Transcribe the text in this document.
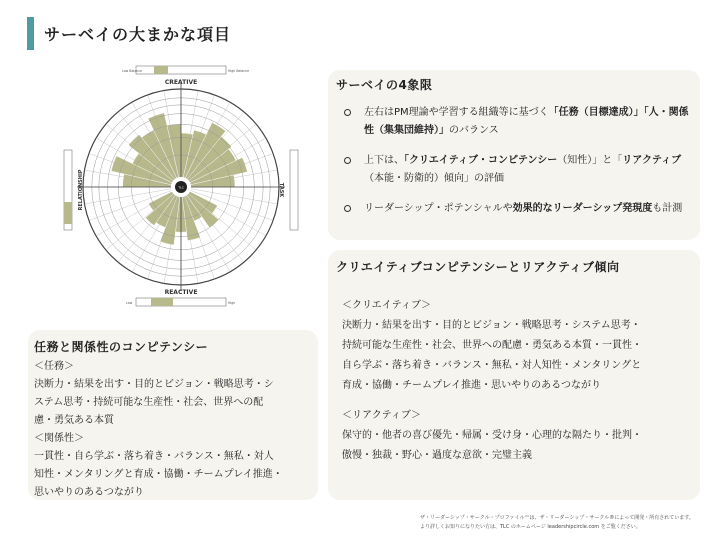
サーベイの大まかな項目
Low Balance	High Balance
Low	High
TLC
CREATIVE
REACTIVE
RELATIONSHIP	TASK
サーベイの4象限
左右はPM理論や学習する組織等に基づく「任務（目標達成）」「人・関係性（集集団維持）」のバランス
上下は、「クリエイティブ・コンピテンシー（知性）」と「リアクティブ（本能・防衛的）傾向」の評価
リーダーシップ・ポテンシャルや効果的なリーダーシップ発現度も計測
クリエイティブコンピテンシーとリアクティブ傾向

＜クリエイティブ＞

決断力・結果を出す・目的とビジョン・戦略思考・システム思考・

持続可能な生産性・社会、世界への配慮・勇気ある本質・一貫性・

自ら学ぶ・落ち着き・バランス・無私・対人知性・メンタリングと

育成・協働・チームプレイ推進・思いやりのあるつながり

＜リアクティブ＞

保守的・他者の喜び優先・帰属・受け身・心理的な隔たり・批判・

傲慢・独裁・野心・過度な意欲・完璧主義

任務と関係性のコンピテンシー

＜任務＞

決断力・結果を出す・目的とビジョン・戦略思考・シ

ステム思考・持続可能な生産性・社会、世界への配

慮・勇気ある本質

＜関係性＞

一貫性・自ら学ぶ・落ち着き・バランス・無私・対人

知性・メンタリングと育成・協働・チームプレイ推進・

思いやりのあるつながり

ザ・リーダーシップ・サークル・プロファイル™は、ザ・リーダーシップ・サークル®によって開発・所有されています。
より詳しくお知りになりたい方は、TLC のホームページ leadershipcircle.com をご覧ください。
